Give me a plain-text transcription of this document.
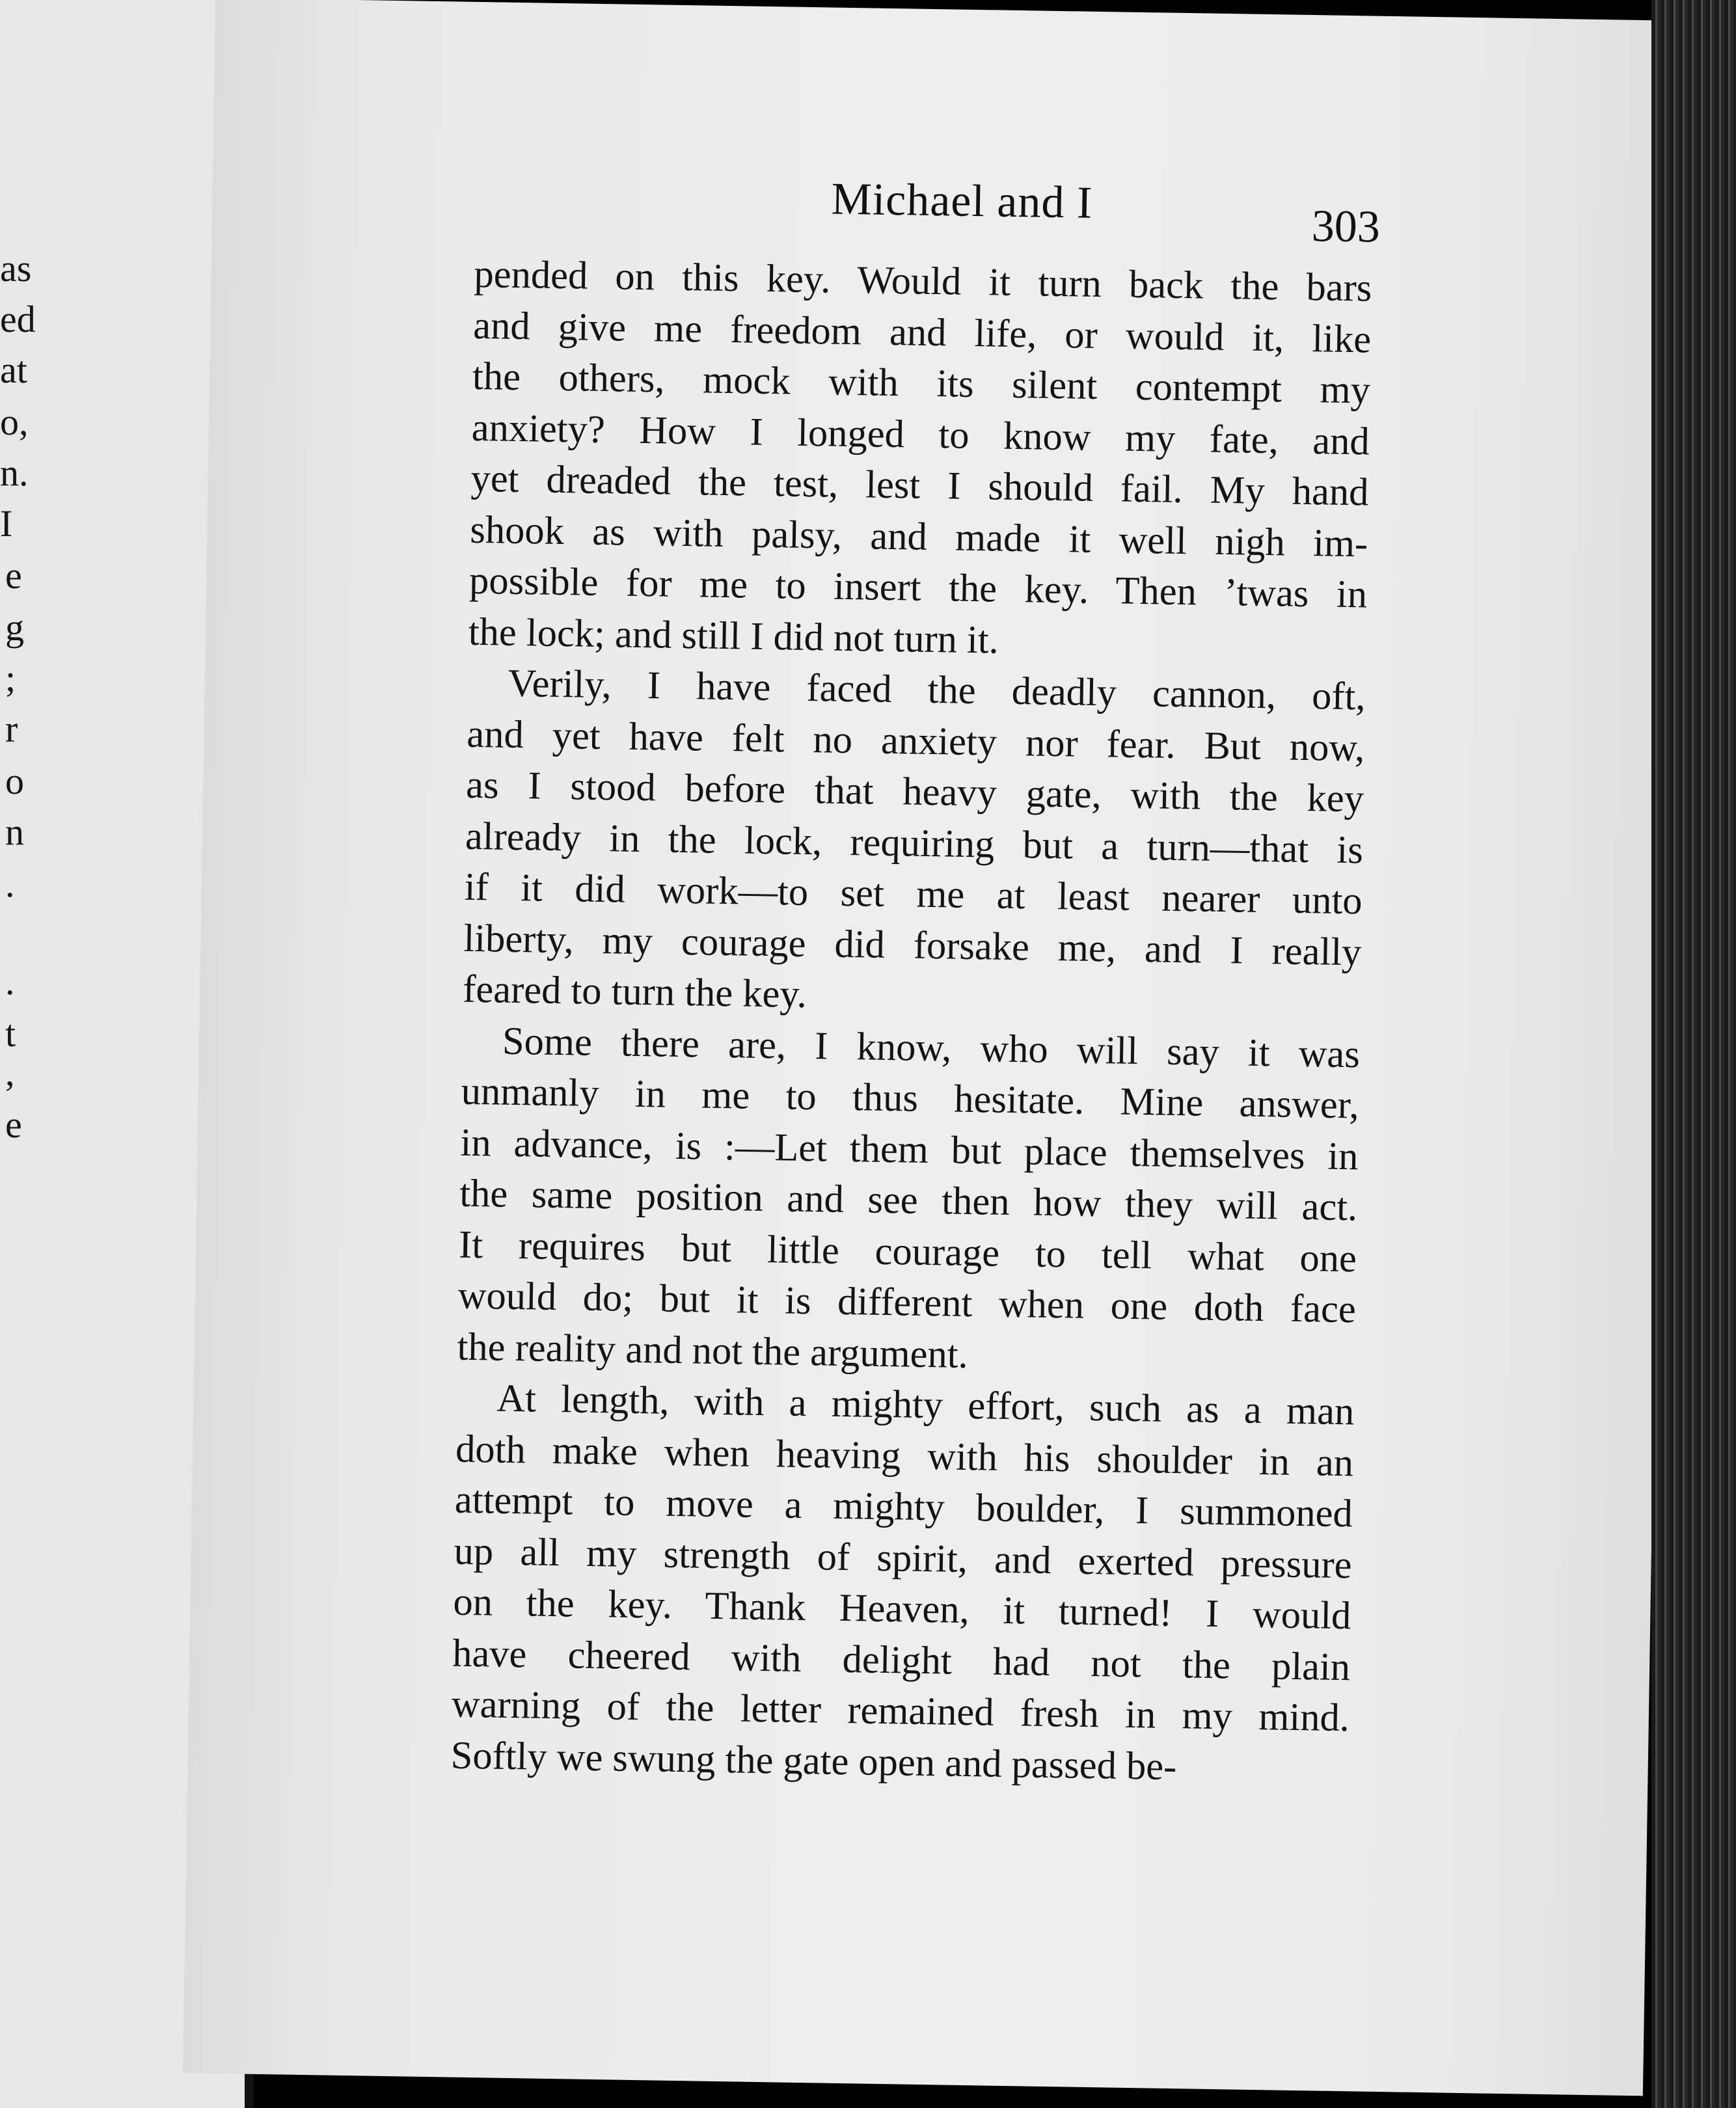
as
ed
at
o,
n.
I
e
g
;
r
o
n
.
.
t
,
e
Michael and I	303

pended on this key. Would it turn back the bars
and give me freedom and life, or would it, like
the others, mock with its silent contempt my
anxiety? How I longed to know my fate, and
yet dreaded the test, lest I should fail. My hand
shook as with palsy, and made it well nigh im-
possible for me to insert the key. Then ’twas in
the lock; and still I did not turn it.

Verily, I have faced the deadly cannon, oft,
and yet have felt no anxiety nor fear. But now,
as I stood before that heavy gate, with the key
already in the lock, requiring but a turn—that is
if it did work—to set me at least nearer unto
liberty, my courage did forsake me, and I really
feared to turn the key.

Some there are, I know, who will say it was
unmanly in me to thus hesitate. Mine answer,
in advance, is :—Let them but place themselves in
the same position and see then how they will act.
It requires but little courage to tell what one
would do; but it is different when one doth face
the reality and not the argument.

At length, with a mighty effort, such as a man
doth make when heaving with his shoulder in an
attempt to move a mighty boulder, I summoned
up all my strength of spirit, and exerted pressure
on the key. Thank Heaven, it turned! I would
have cheered with delight had not the plain
warning of the letter remained fresh in my mind.
Softly we swung the gate open and passed be-
